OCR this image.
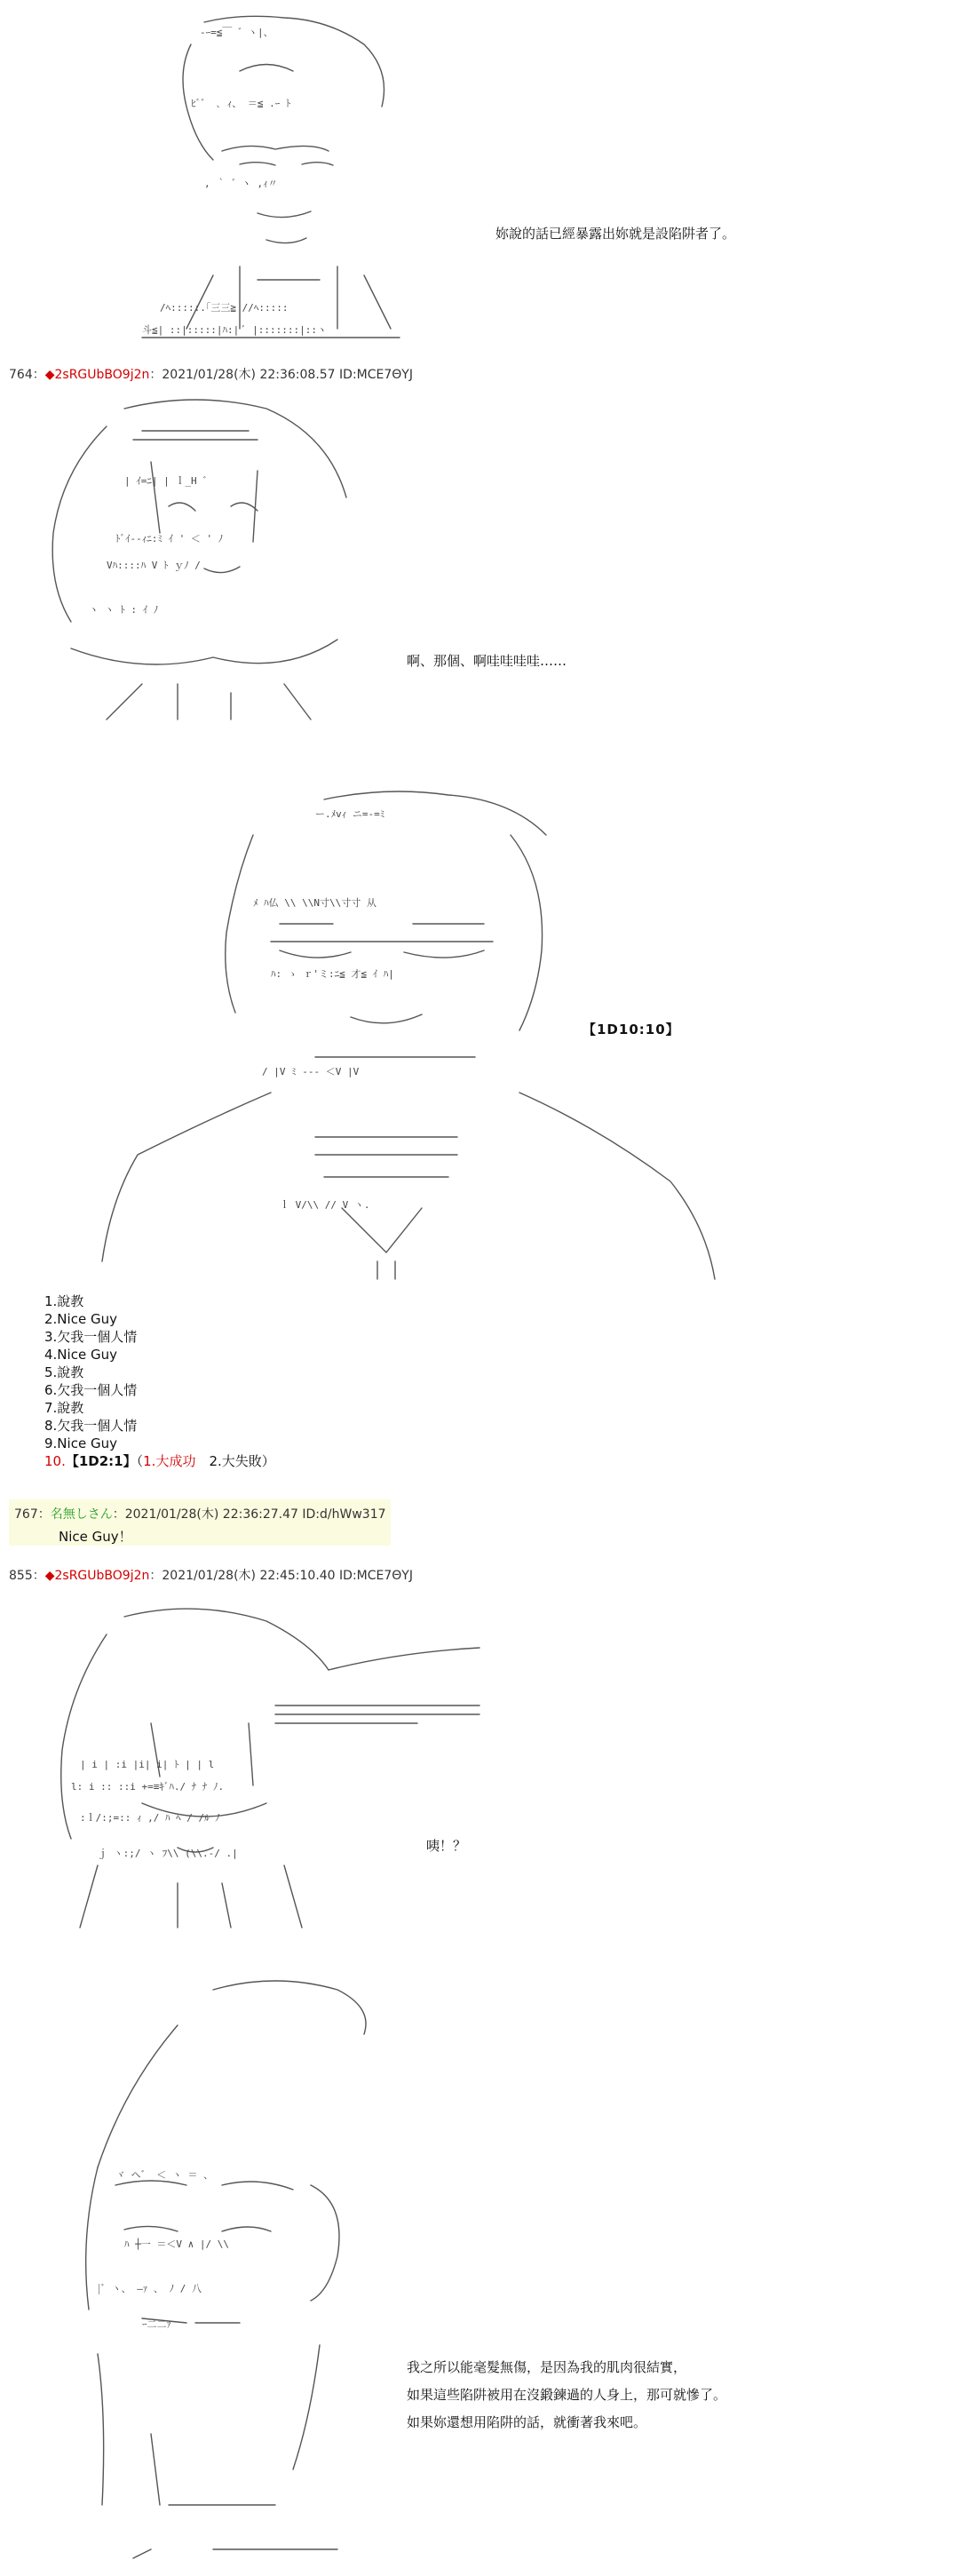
-ｰ=≦￣ ゛ヽ|、
ﾋﾞ゛ ､ ｨ、 ＝≦ .ｰ ﾄ
, ｀ ゛ヽ ,ｨ〃
/ﾍ:::::.｢三三≧ //ﾍ:::::
斗≦| ::|:::::|ﾊ:| ﾞ |:::::::|::ヽ
妳說的話已經暴露出妳就是設陷阱者了。
764：◆2sRGUbBO9j2n：2021/01/28(木) 22:36:08.57 ID:MCE7ΘYJ
| ｲ=ﾆ| | ｌ_H ゛
ﾄﾞｲ--ｨﾆ:ﾐ ｲ ' ＜ ' ﾉ
Vﾊ::::ﾊ V ﾄ ｙﾉ /
ヽ ヽ ﾄ : ｲ ﾉ
啊、那個、啊哇哇哇哇……
ー.ﾒvｨ ニ=-=ﾐ
ﾒ ﾊ仏 \\ \\N寸\\寸寸 从
ﾊ: ゝ ｒ'ミ:ﾆ≦ 才≦ ｲ ﾊ|
/ |V ﾐ --- ＜V |V
ｌ V/\\ // V ヽ.
【1D10:10】
1.說教
2.Nice Guy
3.欠我一個人情
4.Nice Guy
5.說教
6.欠我一個人情
7.說教
8.欠我一個人情
9.Nice Guy
10.【1D2:1】（1.大成功　2.大失敗）
767：名無しさん：2021/01/28(木) 22:36:27.47 ID:d/hWw317
Nice Guy！
855：◆2sRGUbBO9j2n：2021/01/28(木) 22:45:10.40 ID:MCE7ΘYJ
| i | :i |i| i| ﾄ | | l
l: i :: ::i +=≡ｷﾞﾊ./ ﾅ ﾅ ﾉ.
:ｌ/:;=:: ｨ ,/ ﾊ ﾍ / /ﾙ ﾉ
ｊ ヽ:;/ ヽ ﾌ\\ (\\.-/ .|	咦！？
ヾ ヘ゛ ＜ ヽ ＝ 、
ﾊ ┼一 ＝＜V ∧ |/ \\
|ﾞ ヽ、 ―ｧ 、 ﾉ / 八
ｰ二二ｧ
我之所以能毫髮無傷，是因為我的肌肉很結實，
如果這些陷阱被用在沒鍛鍊過的人身上，那可就慘了。
如果妳還想用陷阱的話，就衝著我來吧。
